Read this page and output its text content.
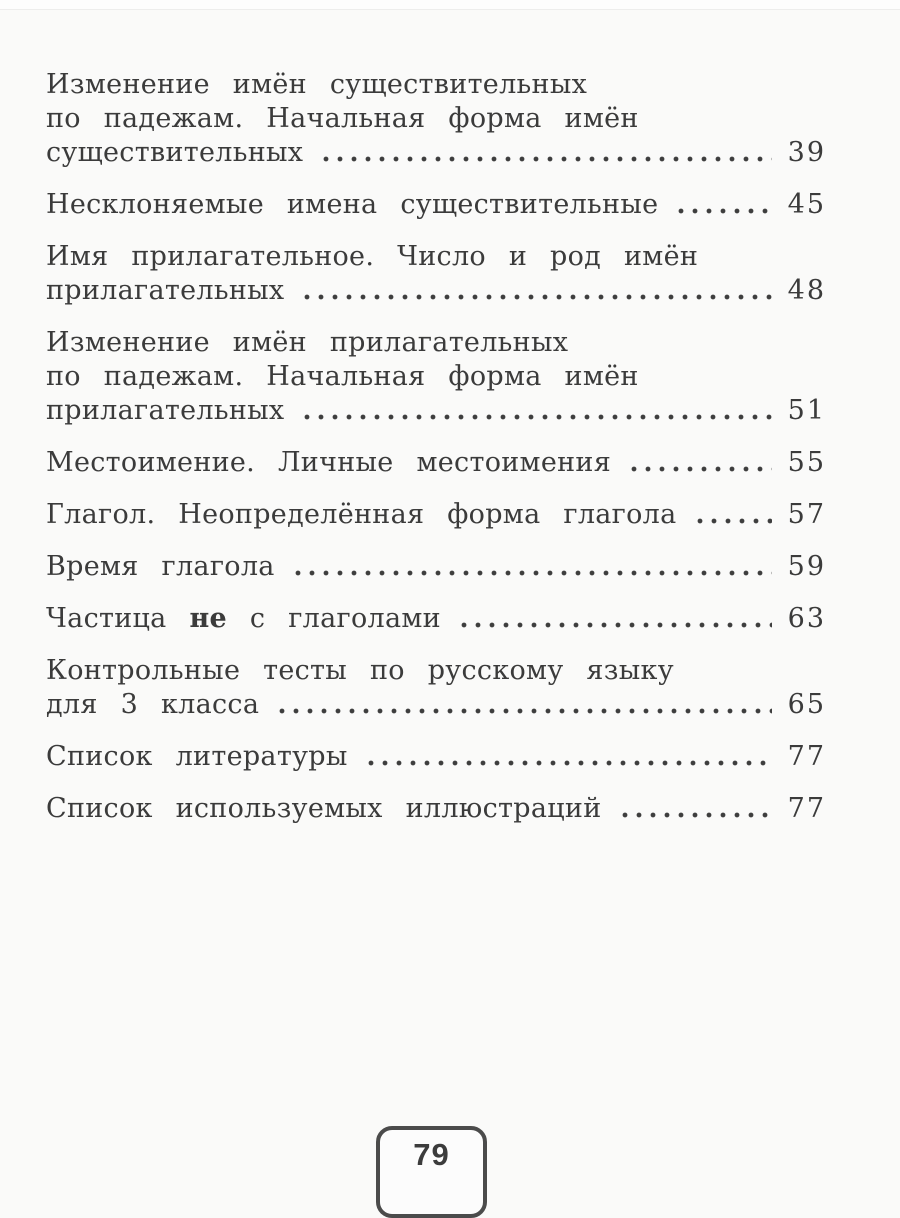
Изменение имён существительных

по падежам. Начальная форма имён

существительных	39

Несклоняемые имена существительные	45

Имя прилагательное. Число и род имён

прилагательных	48

Изменение имён прилагательных

по падежам. Начальная форма имён

прилагательных	51

Местоимение. Личные местоимения	55

Глагол. Неопределённая форма глагола	57

Время глагола	59

Частица не с глаголами	63

Контрольные тесты по русскому языку

для 3 класса	65

Список литературы	77

Список используемых иллюстраций	77

79
